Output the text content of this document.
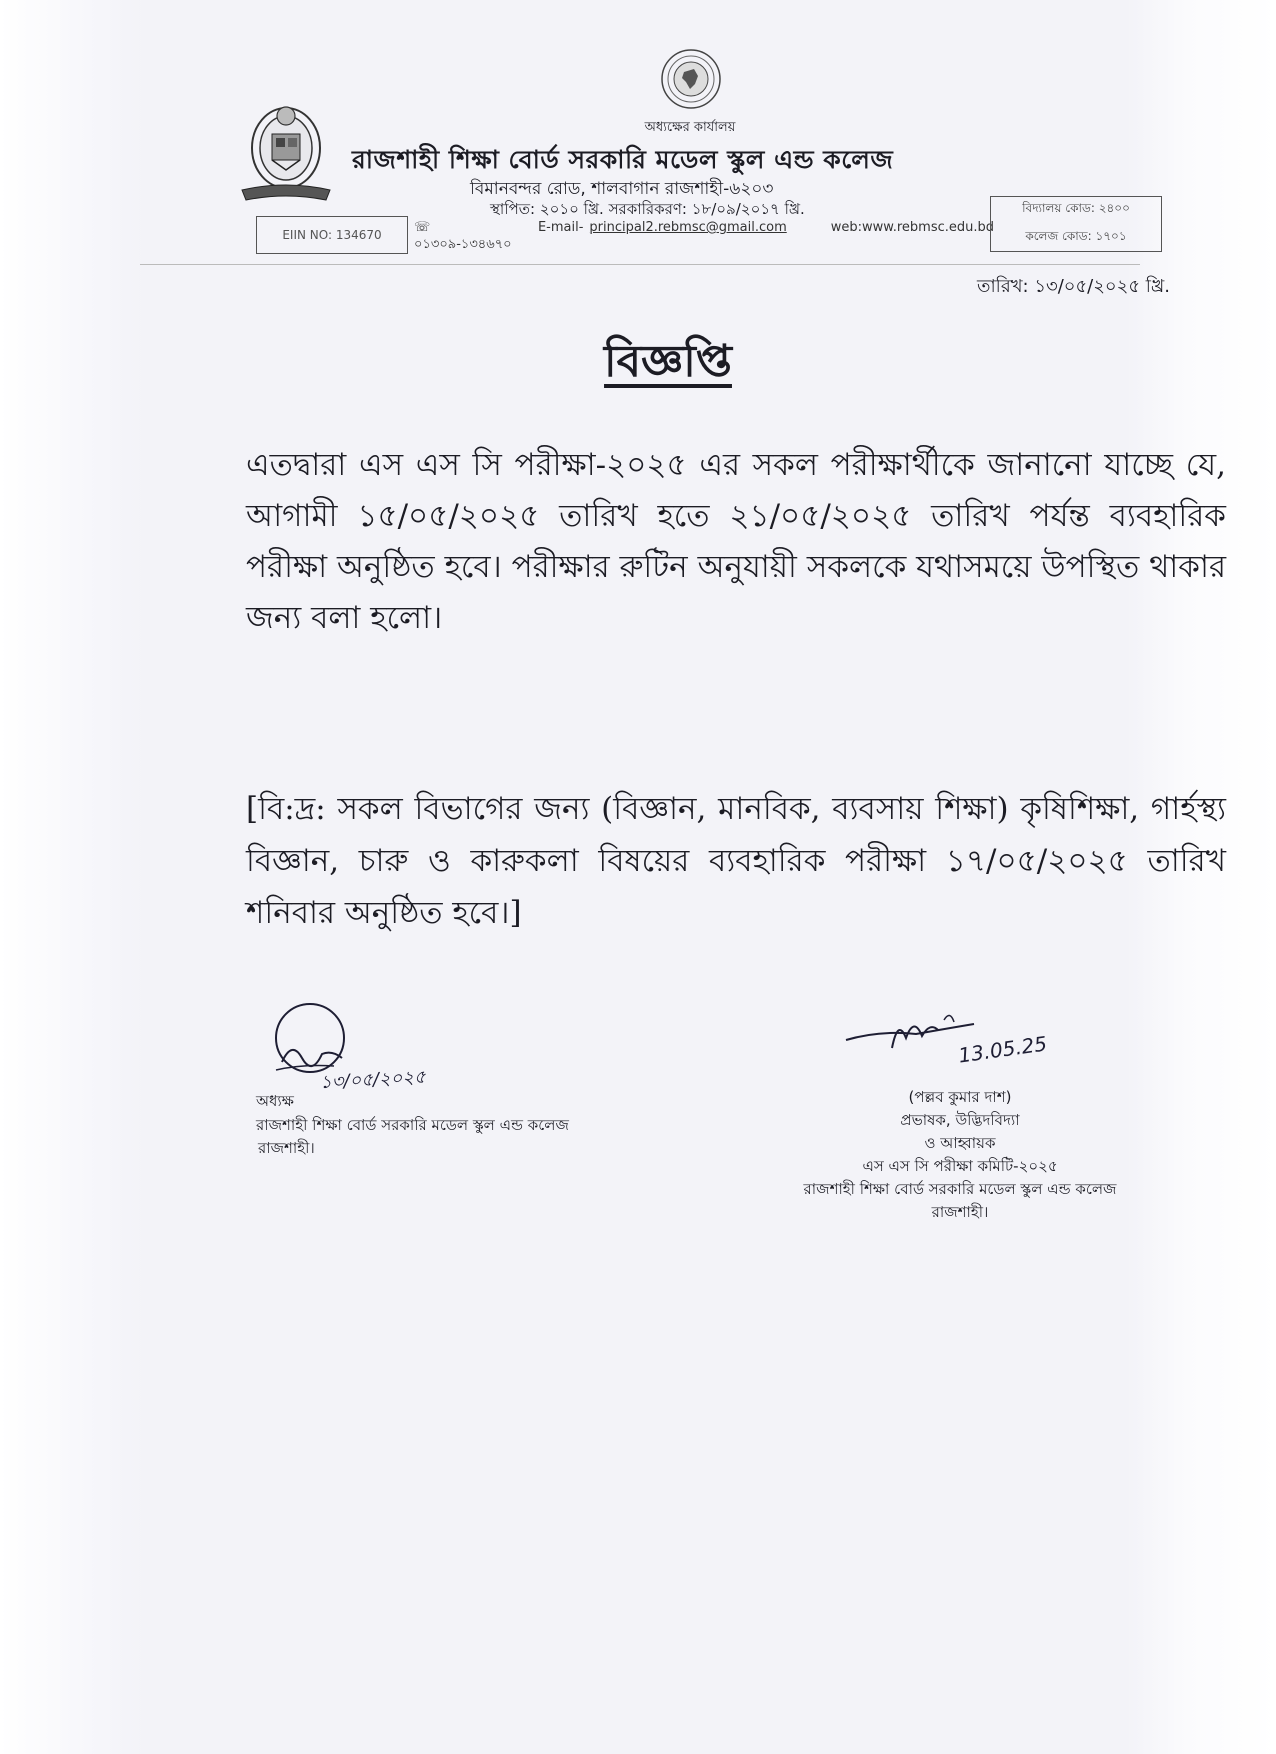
অধ্যক্ষের কার্যালয়
রাজশাহী শিক্ষা বোর্ড সরকারি মডেল স্কুল এন্ড কলেজ
বিমানবন্দর রোড, শালবাগান রাজশাহী-৬২০৩
স্থাপিত: ২০১০ খ্রি. সরকারিকরণ: ১৮/০৯/২০১৭ খ্রি.
EIIN NO: 134670 ☏ ০১৩০৯-১৩৪৬৭০
E-mail- principal2.rebmsc@gmail.com	web:www.rebmsc.edu.bd
বিদ্যালয় কোড: ২৪০০
কলেজ কোড: ১৭০১
তারিখ: ১৩/০৫/২০২৫ খ্রি.
বিজ্ঞপ্তি
এতদ্বারা এস এস সি পরীক্ষা-২০২৫ এর সকল পরীক্ষার্থীকে জানানো যাচ্ছে যে, আগামী ১৫/০৫/২০২৫ তারিখ হতে ২১/০৫/২০২৫ তারিখ পর্যন্ত ব্যবহারিক পরীক্ষা অনুষ্ঠিত হবে। পরীক্ষার রুটিন অনুযায়ী সকলকে যথাসময়ে উপস্থিত থাকার জন্য বলা হলো।
[বি:দ্র: সকল বিভাগের জন্য (বিজ্ঞান, মানবিক, ব্যবসায় শিক্ষা) কৃষিশিক্ষা, গার্হস্থ্য বিজ্ঞান, চারু ও কারুকলা বিষয়ের ব্যবহারিক পরীক্ষা ১৭/০৫/২০২৫ তারিখ শনিবার অনুষ্ঠিত হবে।]
১৩/০৫/২০২৫
অধ্যক্ষ
রাজশাহী শিক্ষা বোর্ড সরকারি মডেল স্কুল এন্ড কলেজ
রাজশাহী।
13.05.25
(পল্লব কুমার দাশ)
প্রভাষক, উদ্ভিদবিদ্যা
ও আহ্বায়ক
এস এস সি পরীক্ষা কমিটি-২০২৫
রাজশাহী শিক্ষা বোর্ড সরকারি মডেল স্কুল এন্ড কলেজ
রাজশাহী।
